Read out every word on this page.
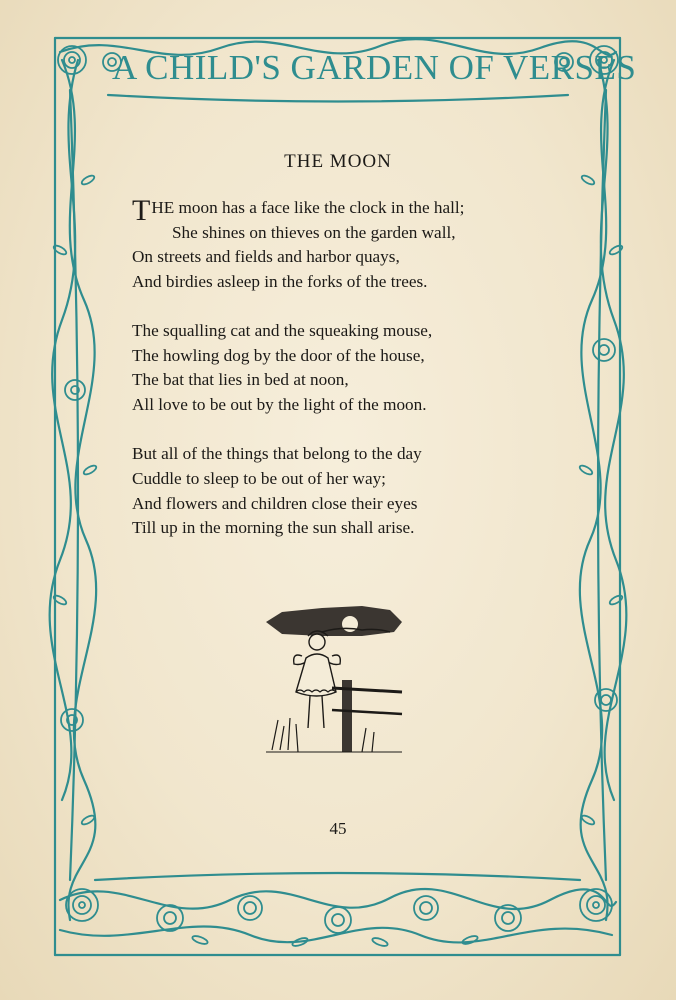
A CHILD'S GARDEN OF VERSES
THE MOON
THE moon has a face like the clock in the hall;
She shines on thieves on the garden wall,
On streets and fields and harbor quays,
And birdies asleep in the forks of the trees.
The squalling cat and the squeaking mouse,
The howling dog by the door of the house,
The bat that lies in bed at noon,
All love to be out by the light of the moon.
But all of the things that belong to the day
Cuddle to sleep to be out of her way;
And flowers and children close their eyes
Till up in the morning the sun shall arise.
45
